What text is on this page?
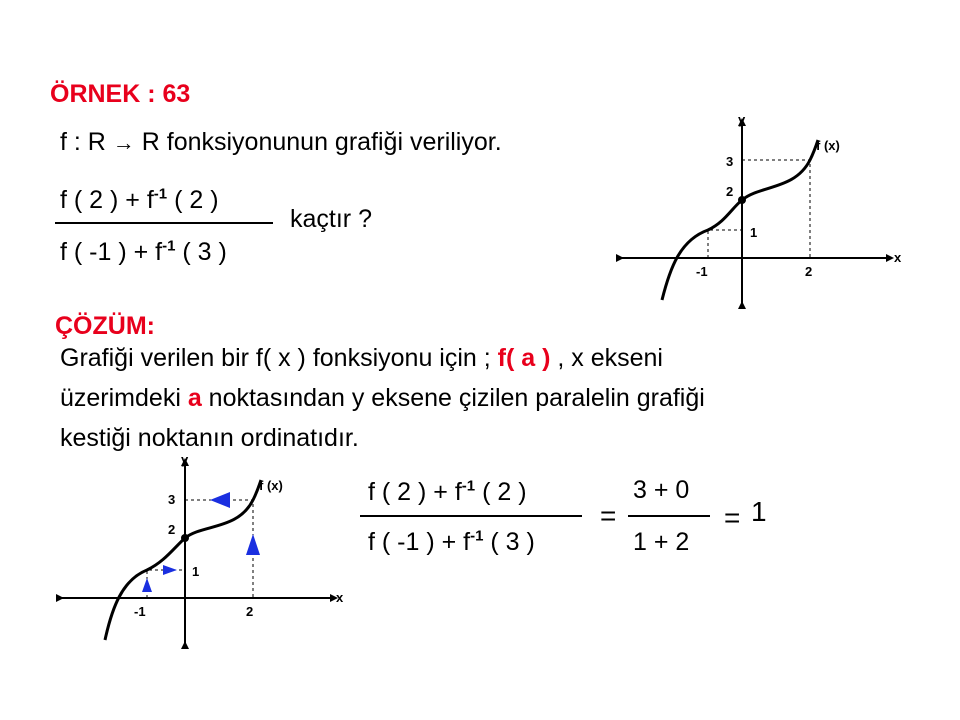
ÖRNEK : 63
f : R → R fonksiyonunun grafiği veriliyor.
f ( 2 ) + $f^{-1}$ ( 2 )
f ( -1 ) + $f^{-1}$ ( 3 )
kaçtır ?
y
x
f (x)
3
2
1
-1	2
ÇÖZÜM:
Grafiği verilen bir f( x ) fonksiyonu için ; f( a ) , x ekseni
üzerimdeki a noktasından y eksene çizilen paralelin grafiği
kestiği noktanın ordinatıdır.
y
x
f (x)
3
2
1
-1	2
f ( 2 ) + $f^{-1}$ ( 2 )
f ( -1 ) + $f^{-1}$ ( 3 )
=
3 + 0
1 + 2
= 1
